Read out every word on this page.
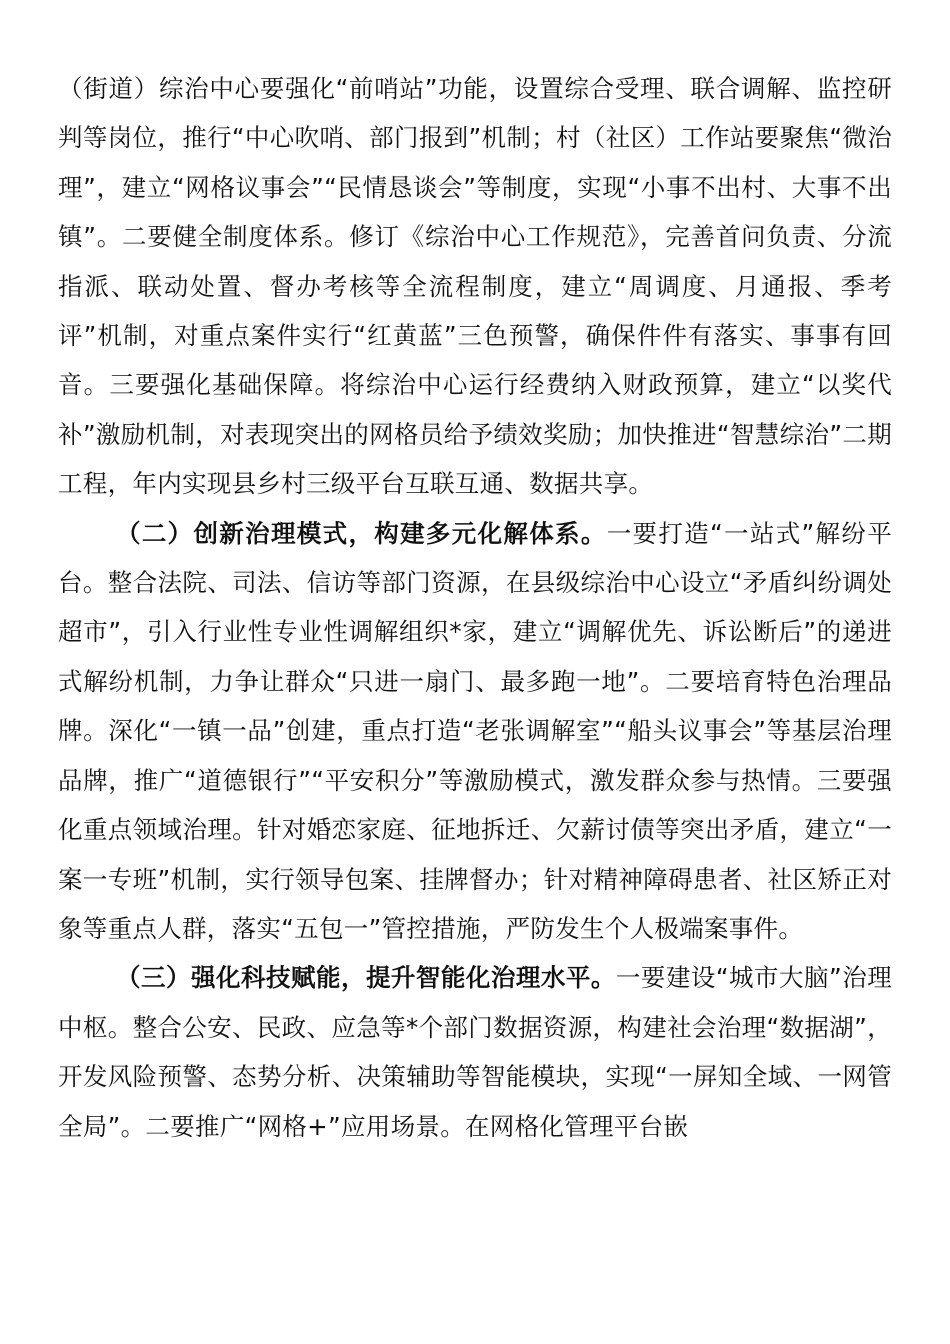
（街道）综治中心要强化“前哨站”功能，设置综合受理、联合调解、监控研判等岗位，推行“中心吹哨、部门报到”机制；村（社区）工作站要聚焦“微治理”，建立“网格议事会”“民情恳谈会”等制度，实现“小事不出村、大事不出镇”。二要健全制度体系。修订《综治中心工作规范》，完善首问负责、分流指派、联动处置、督办考核等全流程制度，建立“周调度、月通报、季考评”机制，对重点案件实行“红黄蓝”三色预警，确保件件有落实、事事有回音。三要强化基础保障。将综治中心运行经费纳入财政预算，建立“以奖代补”激励机制，对表现突出的网格员给予绩效奖励；加快推进“智慧综治”二期工程，年内实现县乡村三级平台互联互通、数据共享。

（二）创新治理模式，构建多元化解体系。一要打造“一站式”解纷平台。整合法院、司法、信访等部门资源，在县级综治中心设立“矛盾纠纷调处超市”，引入行业性专业性调解组织*家，建立“调解优先、诉讼断后”的递进式解纷机制，力争让群众“只进一扇门、最多跑一地”。二要培育特色治理品牌。深化“一镇一品”创建，重点打造“老张调解室”“船头议事会”等基层治理品牌，推广“道德银行”“平安积分”等激励模式，激发群众参与热情。三要强化重点领域治理。针对婚恋家庭、征地拆迁、欠薪讨债等突出矛盾，建立“一案一专班”机制，实行领导包案、挂牌督办；针对精神障碍患者、社区矫正对象等重点人群，落实“五包一”管控措施，严防发生个人极端案事件。

（三）强化科技赋能，提升智能化治理水平。一要建设“城市大脑”治理中枢。整合公安、民政、应急等*个部门数据资源，构建社会治理“数据湖”，开发风险预警、态势分析、决策辅助等智能模块，实现“一屏知全域、一网管全局”。二要推广“网格+”应用场景。在网格化管理平台嵌
